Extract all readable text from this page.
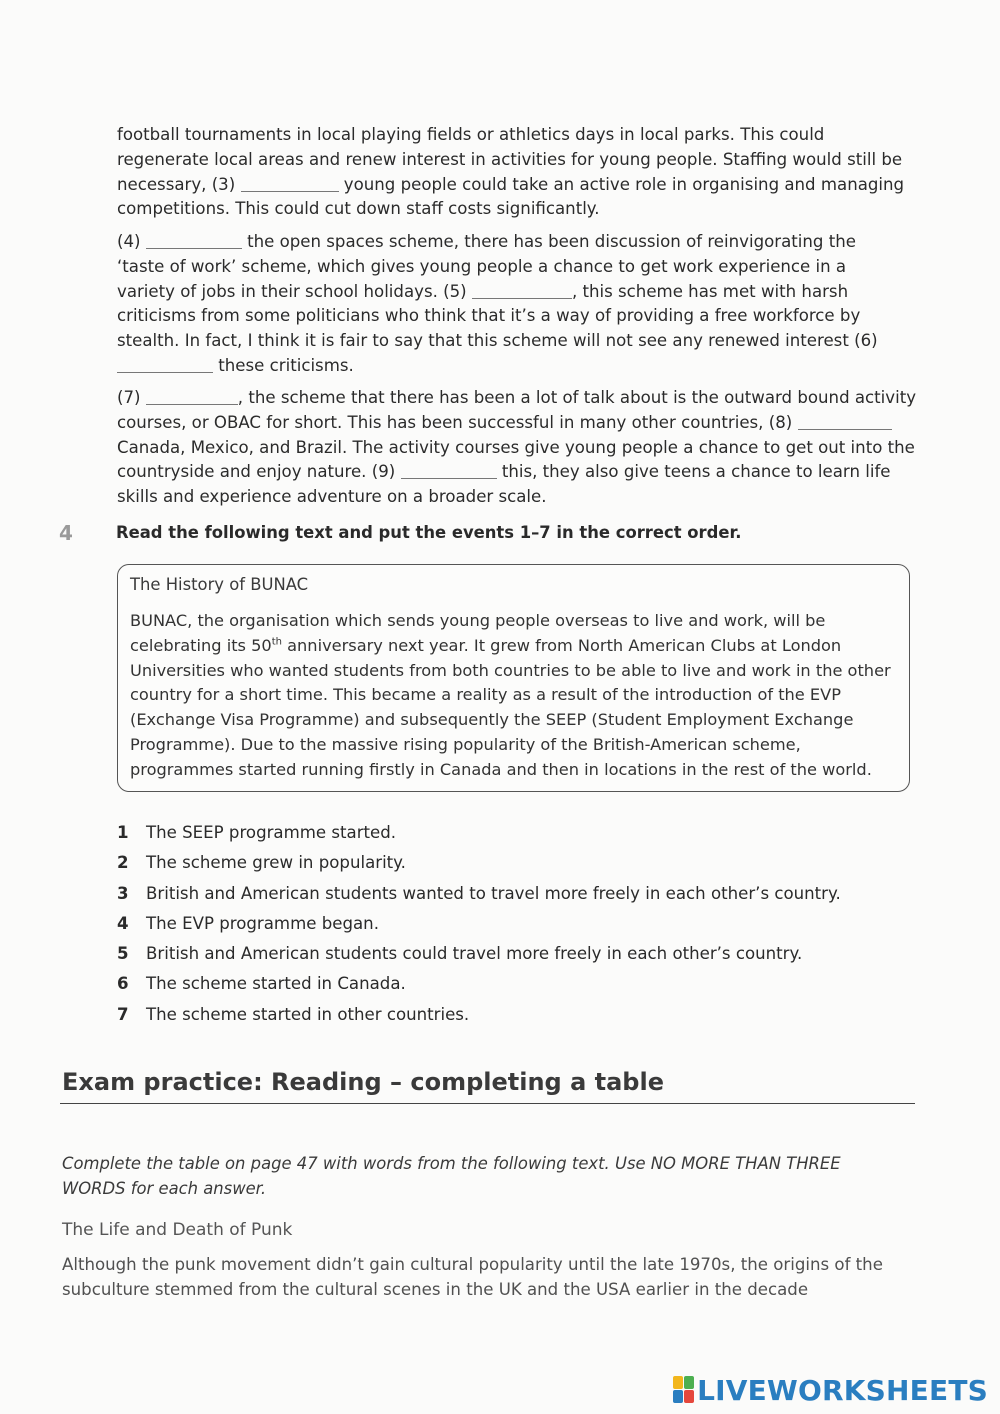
football tournaments in local playing fields or athletics days in local parks. This could regenerate local areas and renew interest in activities for young people. Staffing would still be necessary, (3)	young people could take an active role in organising and managing competitions. This could cut down staff costs significantly.

(4)	the open spaces scheme, there has been discussion of reinvigorating the ‘taste of work’ scheme, which gives young people a chance to get work experience in a variety of jobs in their school holidays. (5)	, this scheme has met with harsh criticisms from some politicians who think that it’s a way of providing a free workforce by stealth. In fact, I think it is fair to say that this scheme will not see any renewed interest (6)  these criticisms.

(7)	, the scheme that there has been a lot of talk about is the outward bound activity courses, or OBAC for short. This has been successful in many other countries, (8)  Canada, Mexico, and Brazil. The activity courses give young people a chance to get out into the countryside and enjoy nature. (9)	this, they also give teens a chance to learn life skills and experience adventure on a broader scale.

4	Read the following text and put the events 1–7 in the correct order.
The History of BUNAC
BUNAC, the organisation which sends young people overseas to live and work, will be celebrating its 50th anniversary next year. It grew from North American Clubs at London Universities who wanted students from both countries to be able to live and work in the other country for a short time. This became a reality as a result of the introduction of the EVP (Exchange Visa Programme) and subsequently the SEEP (Student Employment Exchange Programme). Due to the massive rising popularity of the British-American scheme, programmes started running firstly in Canada and then in locations in the rest of the world.
1 The SEEP programme started.
2 The scheme grew in popularity.
3 British and American students wanted to travel more freely in each other’s country.
4 The EVP programme began.
5 British and American students could travel more freely in each other’s country.
6 The scheme started in Canada.
7 The scheme started in other countries.
Exam practice: Reading – completing a table
Complete the table on page 47 with words from the following text. Use NO MORE THAN THREE WORDS for each answer.
The Life and Death of Punk
Although the punk movement didn’t gain cultural popularity until the late 1970s, the origins of the subculture stemmed from the cultural scenes in the UK and the USA earlier in the decade
LIVEWORKSHEETS
